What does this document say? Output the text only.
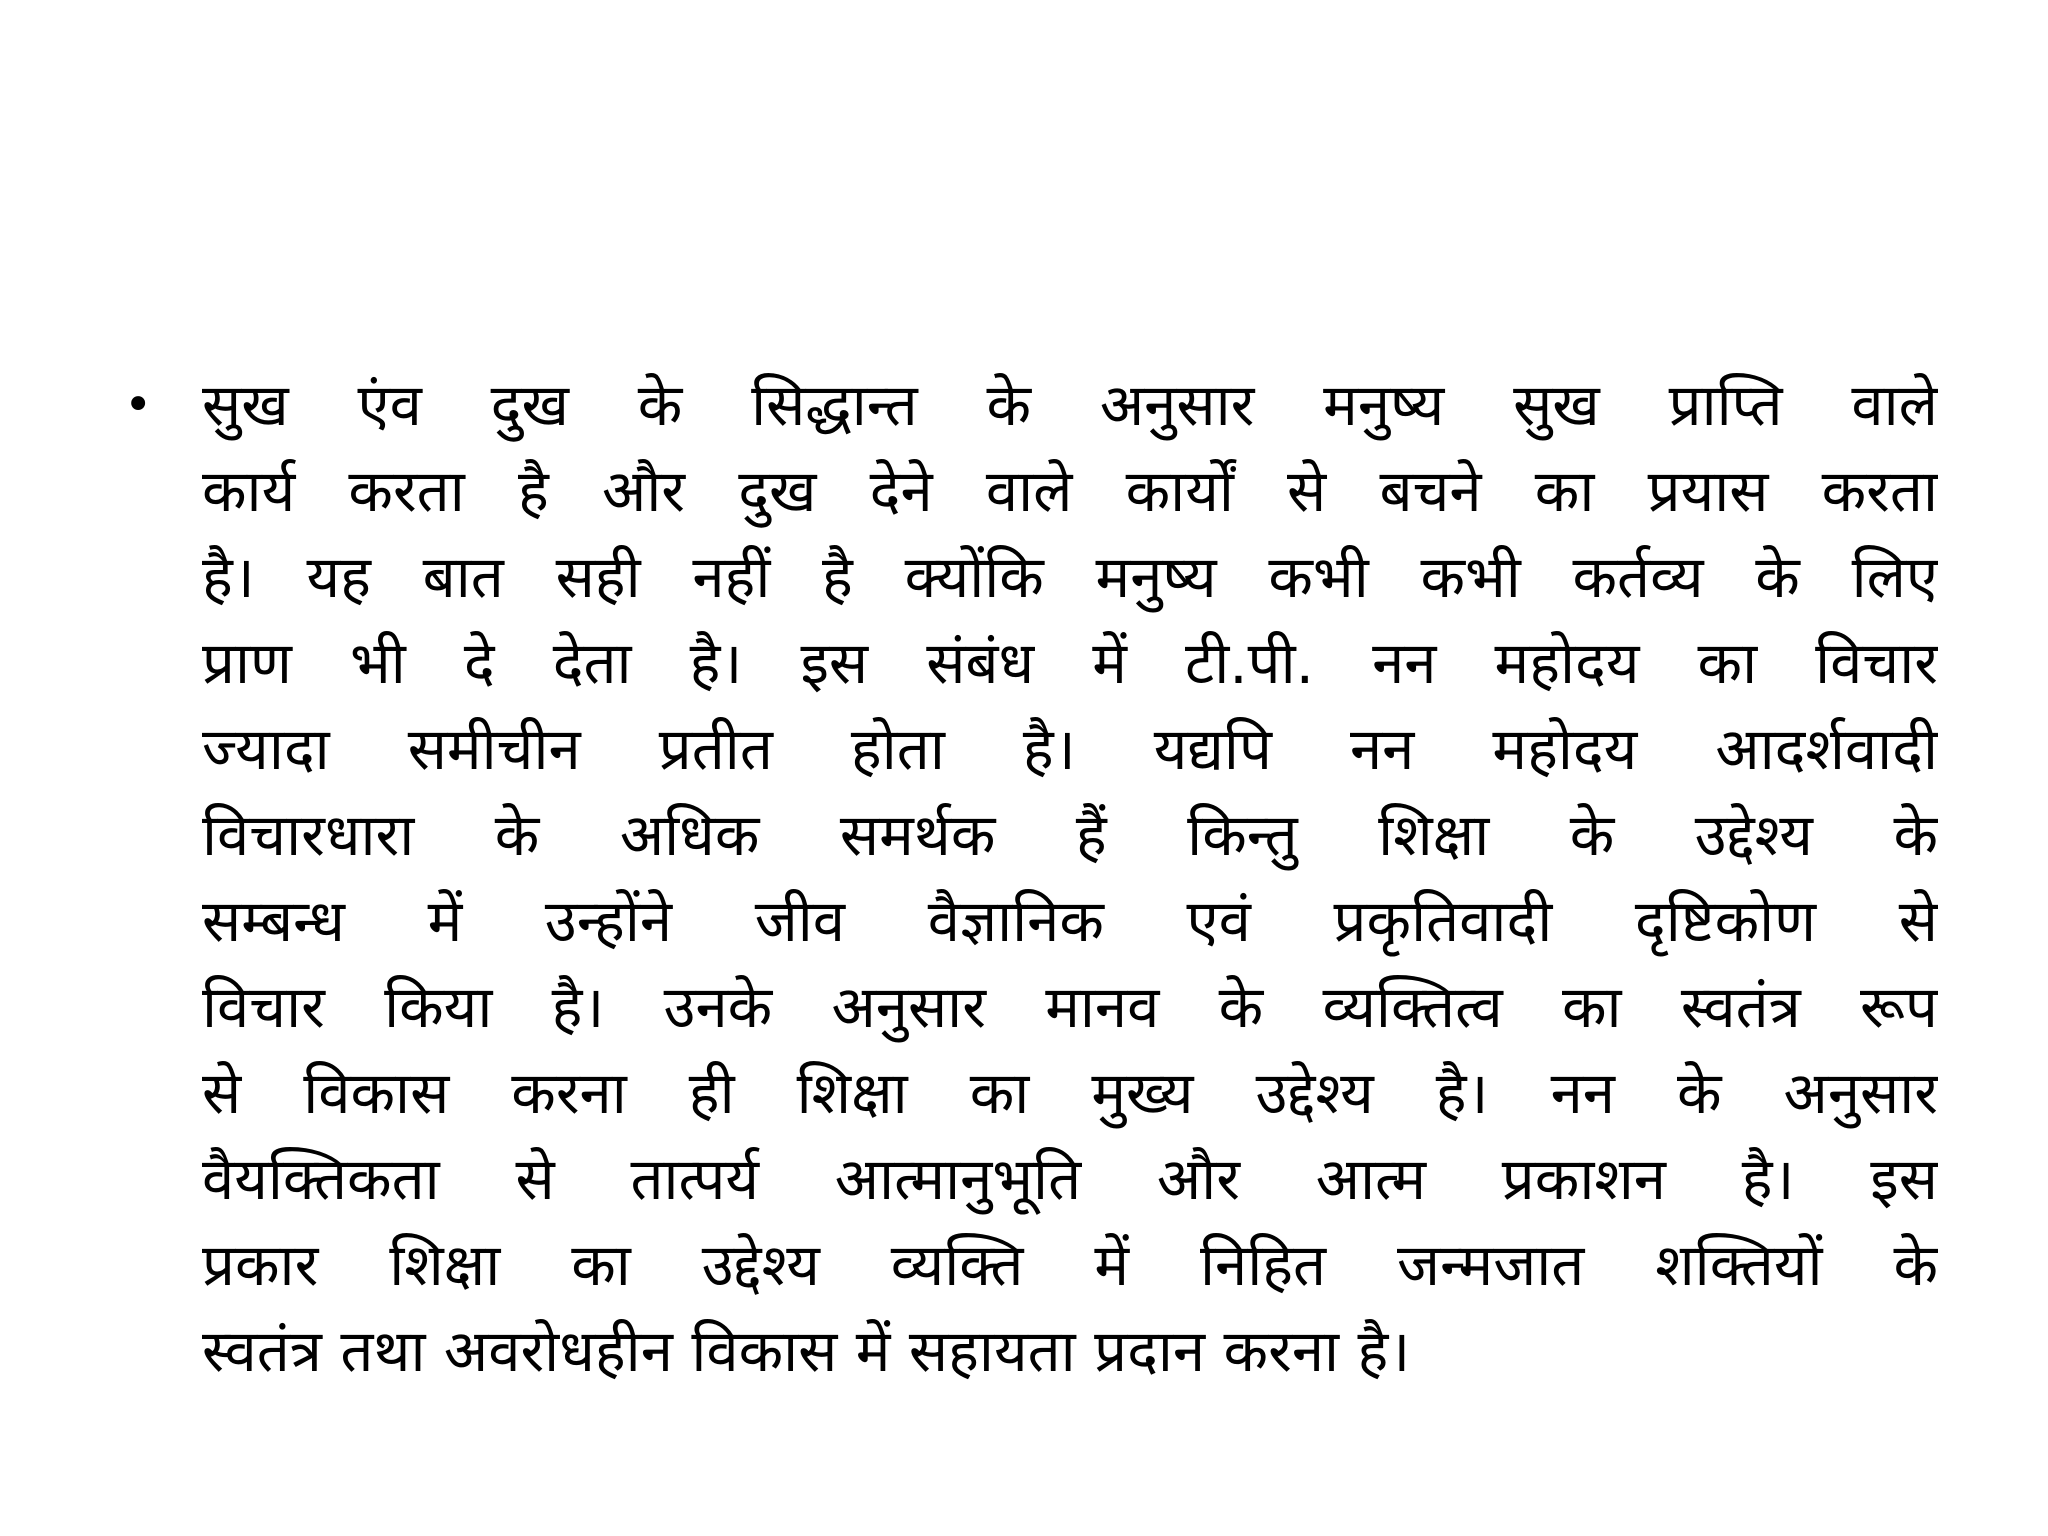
• सुख एंव दुख के सिद्धान्त के अनुसार मनुष्य सुख प्राप्ति वाले
कार्य करता है और दुख देने वाले कार्यों से बचने का प्रयास करता
है। यह बात सही नहीं है क्योंकि मनुष्य कभी कभी कर्तव्य के लिए
प्राण भी दे देता है। इस संबंध में टी.पी. नन महोदय का विचार
ज्यादा समीचीन प्रतीत होता है। यद्यपि नन महोदय आदर्शवादी
विचारधारा के अधिक समर्थक हैं किन्तु शिक्षा के उद्देश्य के
सम्बन्ध में उन्होंने जीव वैज्ञानिक एवं प्रकृतिवादी दृष्टिकोण से
विचार किया है। उनके अनुसार मानव के व्यक्तित्व का स्वतंत्र रूप
से विकास करना ही शिक्षा का मुख्य उद्देश्य है। नन के अनुसार
वैयक्तिकता से तात्पर्य आत्मानुभूति और आत्म प्रकाशन है। इस
प्रकार शिक्षा का उद्देश्य व्यक्ति में निहित जन्मजात शक्तियों के
स्वतंत्र तथा अवरोधहीन विकास में सहायता प्रदान करना है।
